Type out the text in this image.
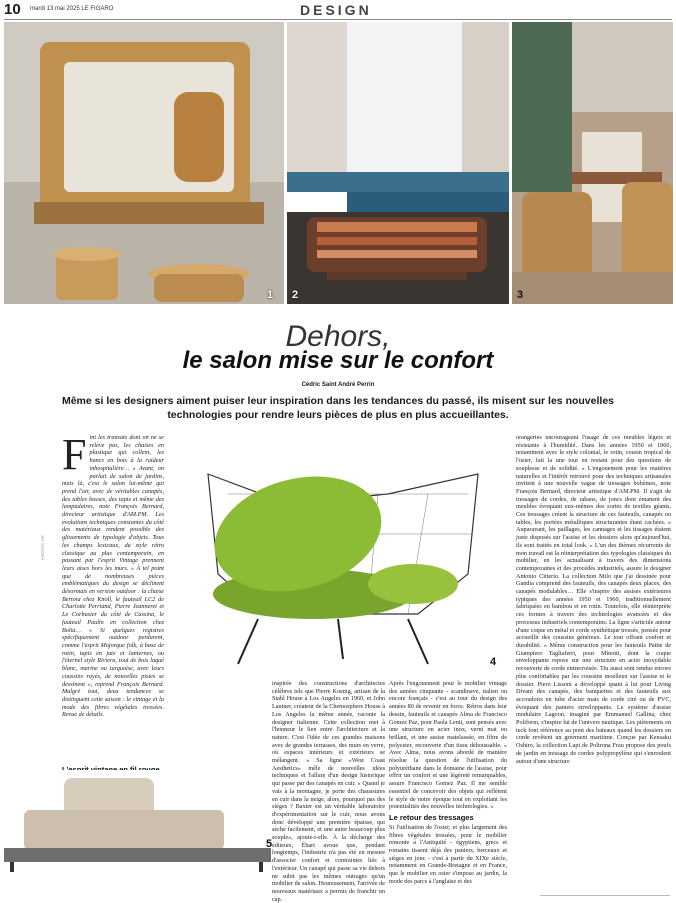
10 mardi 13 mai 2025 LE FIGARO	DESIGN
1 2	3
Dehors,
le salon mise sur le confort
Cédric Saint André Perrin
Même si les designers aiment puiser leur inspiration dans les tendances du passé, ils misent sur les nouvelles technologies pour rendre leurs pièces de plus en plus accueillantes.
F ini les transats dont on ne se relève pas, les chaises en plastique qui collent, les bancs en bois à la raideur inhospitalière… « Avant, on parlait de salon de jardins, mais là, c'est le salon lui-même qui prend l'air, avec de véritables canapés, des tables basses, des tapis et même des lampadaires, note François Bernard, directeur artistique d'AM.PM. Les évolutions techniques constantes du côté des matériaux rendent possible des glissements de typologie d'objets. Tous les champs lexicaux, du style rétro classique au plus contemporain, en passant par l'esprit Vintage prennent leurs aises hors les murs. » À tel point que de nombreuses pièces emblématiques du design se déclinent désormais en version outdoor : la chaise Bertoia chez Knoll, le fauteuil LC2 de Charlotte Perriand, Pierre Jeanneret et Le Corbusier du côté de Cassina, le fauteuil Paulin en collection chez Bolia… « Si quelques registres spécifiquement outdoor perdurent, comme l'esprit Majorque folk, à base de rotin, tapis en jute et lanternes, ou l'éternel style Riviera, tout de bois laqué blanc, marine ou turquoise, avec leurs coussins rayés, de nouvelles pistes se dessinent », reprend François Bernard. Malgré tout, deux tendances se distinguent cette saison : le vintage et la mode des fibres végétales tressées. Revue de détails.

PHOTOS: DR
4
5

inspirée des constructions d'architectes célèbres tels que Pierre Koenig, artisan de la Stahl House à Los Angeles en 1960, et John Lautner, créateur de la Chemosphere House à Los Angeles la même année, raconte la designer italienne. Cette collection met à l'honneur le lien entre l'architecture et la nature. C'est l'idée de ces grandes maisons avec de grandes terrasses, des murs en verre, où espaces intérieurs et extérieurs se mélangent. » Sa ligne «West Coast Aesthetics» mêle de nouvelles idées techniques et l'allure d'un design historique qui passe par des canapés en cuir. « Quand je vais à la montagne, je porte des chaussures en cuir dans la neige, alors, pourquoi pas des sièges ? Baxter est un véritable laboratoire d'expérimentation sur le cuir, nous avons donc développé une première épaisse, qui sèche facilement, et une autre beaucoup plus souple», ajoute-t-elle. À la décharge des éditeurs, Ébart avoue que, pendant longtemps, l'industrie n'a pas été en mesure d'associer confort et contraintes liés à l'extérieur. Un canapé qui passe sa vie dehors ne subit pas les mêmes outrages qu'un mobilier de salon. Heureusement, l'arrivée de nouveaux matériaux a permis de franchir un cap.

Après l'engouement pour le mobilier vintage des années cinquante - scandinave, italien ou encore français - c'est au tour du design des années 80 de revenir en force. Rétros dans leur dessin, fauteuils et canapés Alma de Francisco Gomez Paz, pour Paola Lenti, sont pensés avec une structure en acier inox, verni mat ou brillant, et une assise matelassée, en fibre de polyester, recouverte d'un tissu déhoussable. « Avec Alma, nous avons abordé de manière résolue la question de l'utilisation du polyuréthane dans le domaine de l'assise, pour offrir un confort et une légèreté remarquables, assure Francisco Gomez Paz. Il me semble essentiel de concevoir des objets qui reflètent le style de notre époque tout en exploitant les potentialités des nouvelles technologies. »

Le retour des tressages

Si l'utilisation de l'osier, et plus largement des fibres végétales tressées, pour le mobilier remonte à l'Antiquité - égyptiens, grecs et romains tissent déjà des paniers, berceaux et sièges en jonc - c'est à partir du XIXe siècle, notamment en Grande-Bretagne et en France, que le mobilier en osier s'impose au jardin, la mode des parcs à l'anglaise et des

orangeries encourageant l'usage de ces meubles légers et résistants à l'humidité. Dans les années 1950 et 1960, notamment avec le style colonial, le rotin, cousin tropical de l'osier, fait la une tout en restant pour des questions de souplesse et de solidité. « L'engouement pour les matières naturelles et l'intérêt retrouvé pour des techniques artisanales invitent à une nouvelle vague de tressages bohèmes, note François Bernard, directeur artistique d'AM.PM. Il s'agit de tressages de cordes, de rabans, de joncs dont émanent des meubles évoquant eux-mêmes des sortes de textiles géants. Ces tressages créent la structure de ces fauteuils, canapés ou tables, les portées métalliques structurantes étant cachées. » Auparavant, les paillages, les cannages et les tissages étaient juste disposés sur l'assise et les dossiers alors qu'aujourd'hui, ils sont traités en total look. « L'un des thèmes récurrents de mon travail est la réinterprétation des typologies classiques du mobilier, en les actualisant à travers des dimensions contemporaines et des procédés industriels, assure le designer Antonio Citterio. La collection Milo que j'ai dessinée pour Gandia comprend des fauteuils, des canapés deux places, des canapés modulables… Elle s'inspire des assises extérieures typiques des années 1950 et 1960, traditionnellement fabriquées en bambou et en rotin. Toutefois, elle réinterprète ces formes à travers des technologies avancées et des processus industriels contemporains. La ligne s'articule autour d'une coque en métal et corde synthétique tressée, pensée pour accueillir des coussins généreux. Le tout offrant confort et durabilité. » Même construction pour les fauteuils Pattie de Giampiero Tagliaferri, pour Minotti, dont la coque enveloppante repose sur une structure en acier inoxydable recouverte de corde entrecroisée. Tiu aussi sont rendus encore plus confortables par les coussins moelleux sur l'assise et le dossier. Piero Lissoni a développé quant à lui pour Living Divani des canapés, des banquettes et des fauteuils aux accoudoirs en tube d'acier mais de corde ciré ou de PVC, évoquant des paniers enveloppants. Le système d'assise modulaire Lagoon, imaginé par Emmanuel Gallina, chez Poliform, s'inspire lui de l'univers nautique. Les piètements en teck font référence au pont des bateaux quand les dossiers en corde revêtent un gréement maritime. Conçue par Kensaku Oshiro, la collection Lapi de Poltrona Frau propose des poufs de jardin en tressage de cordes polypropylène qui s'enroulent autour d'une structure
